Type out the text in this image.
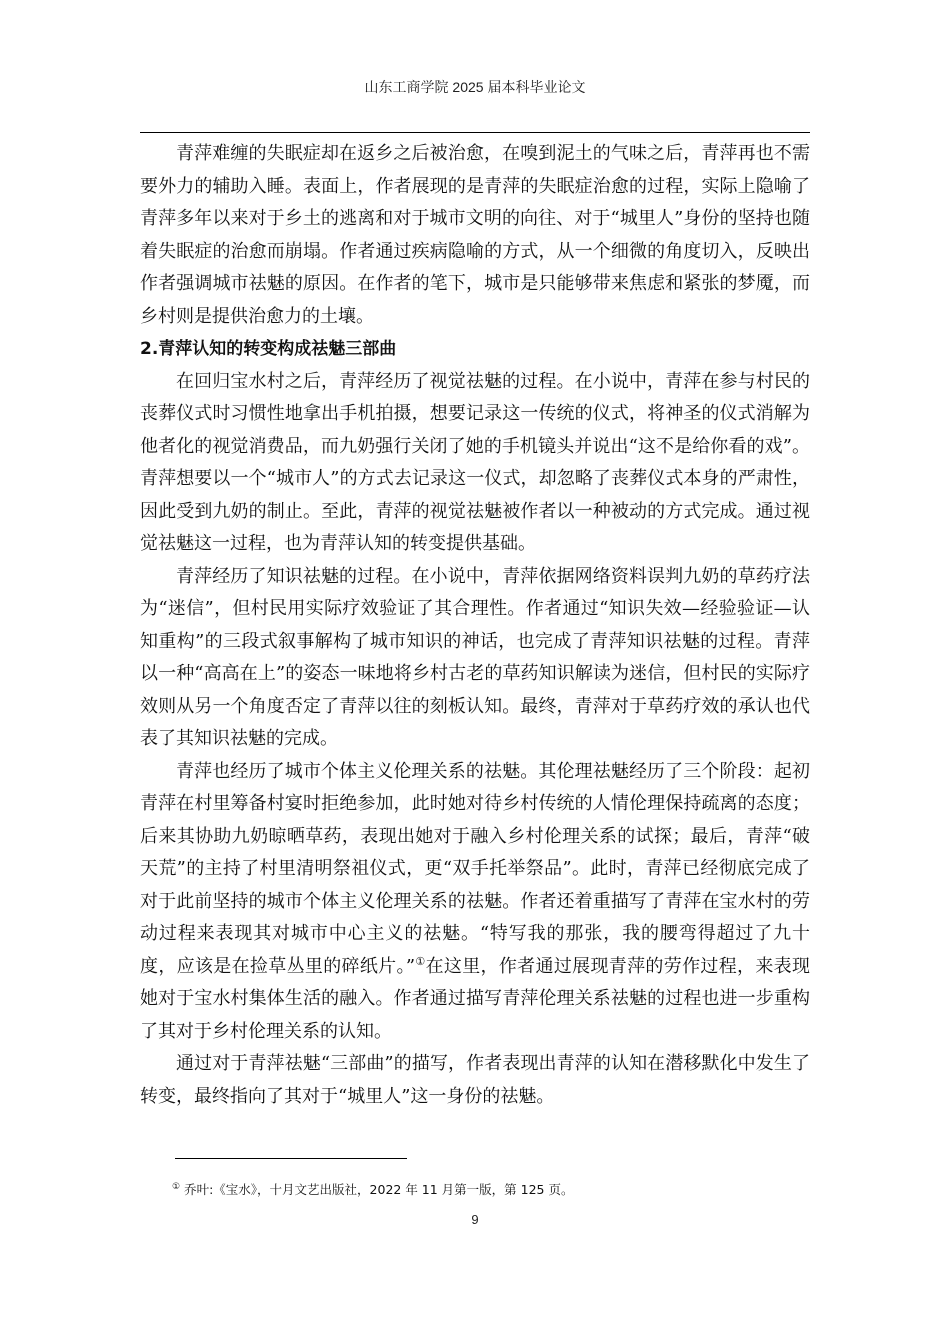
山东工商学院 2025 届本科毕业论文

青萍难缠的失眠症却在返乡之后被治愈，在嗅到泥土的气味之后，青萍再也不需要外力的辅助入睡。表面上，作者展现的是青萍的失眠症治愈的过程，实际上隐喻了青萍多年以来对于乡土的逃离和对于城市文明的向往、对于“城里人”身份的坚持也随着失眠症的治愈而崩塌。作者通过疾病隐喻的方式，从一个细微的角度切入，反映出作者强调城市祛魅的原因。在作者的笔下，城市是只能够带来焦虑和紧张的梦魇，而乡村则是提供治愈力的土壤。

2.青萍认知的转变构成祛魅三部曲

在回归宝水村之后，青萍经历了视觉祛魅的过程。在小说中，青萍在参与村民的丧葬仪式时习惯性地拿出手机拍摄，想要记录这一传统的仪式，将神圣的仪式消解为他者化的视觉消费品，而九奶强行关闭了她的手机镜头并说出“这不是给你看的戏”。青萍想要以一个“城市人”的方式去记录这一仪式，却忽略了丧葬仪式本身的严肃性，因此受到九奶的制止。至此，青萍的视觉祛魅被作者以一种被动的方式完成。通过视觉祛魅这一过程，也为青萍认知的转变提供基础。

青萍经历了知识祛魅的过程。在小说中，青萍依据网络资料误判九奶的草药疗法为“迷信”，但村民用实际疗效验证了其合理性。作者通过“知识失效—经验验证—认知重构”的三段式叙事解构了城市知识的神话，也完成了青萍知识祛魅的过程。青萍以一种“高高在上”的姿态一味地将乡村古老的草药知识解读为迷信，但村民的实际疗效则从另一个角度否定了青萍以往的刻板认知。最终，青萍对于草药疗效的承认也代表了其知识祛魅的完成。

青萍也经历了城市个体主义伦理关系的祛魅。其伦理祛魅经历了三个阶段：起初青萍在村里筹备村宴时拒绝参加，此时她对待乡村传统的人情伦理保持疏离的态度；后来其协助九奶晾晒草药，表现出她对于融入乡村伦理关系的试探；最后，青萍“破天荒”的主持了村里清明祭祖仪式，更“双手托举祭品”。此时，青萍已经彻底完成了对于此前坚持的城市个体主义伦理关系的祛魅。作者还着重描写了青萍在宝水村的劳动过程来表现其对城市中心主义的祛魅。“特写我的那张，我的腰弯得超过了九十度，应该是在捡草丛里的碎纸片。”①在这里，作者通过展现青萍的劳作过程，来表现她对于宝水村集体生活的融入。作者通过描写青萍伦理关系祛魅的过程也进一步重构了其对于乡村伦理关系的认知。

通过对于青萍祛魅“三部曲”的描写，作者表现出青萍的认知在潜移默化中发生了转变，最终指向了其对于“城里人”这一身份的祛魅。

① 乔叶:《宝水》，十月文艺出版社，2022 年 11 月第一版，第 125 页。
9
